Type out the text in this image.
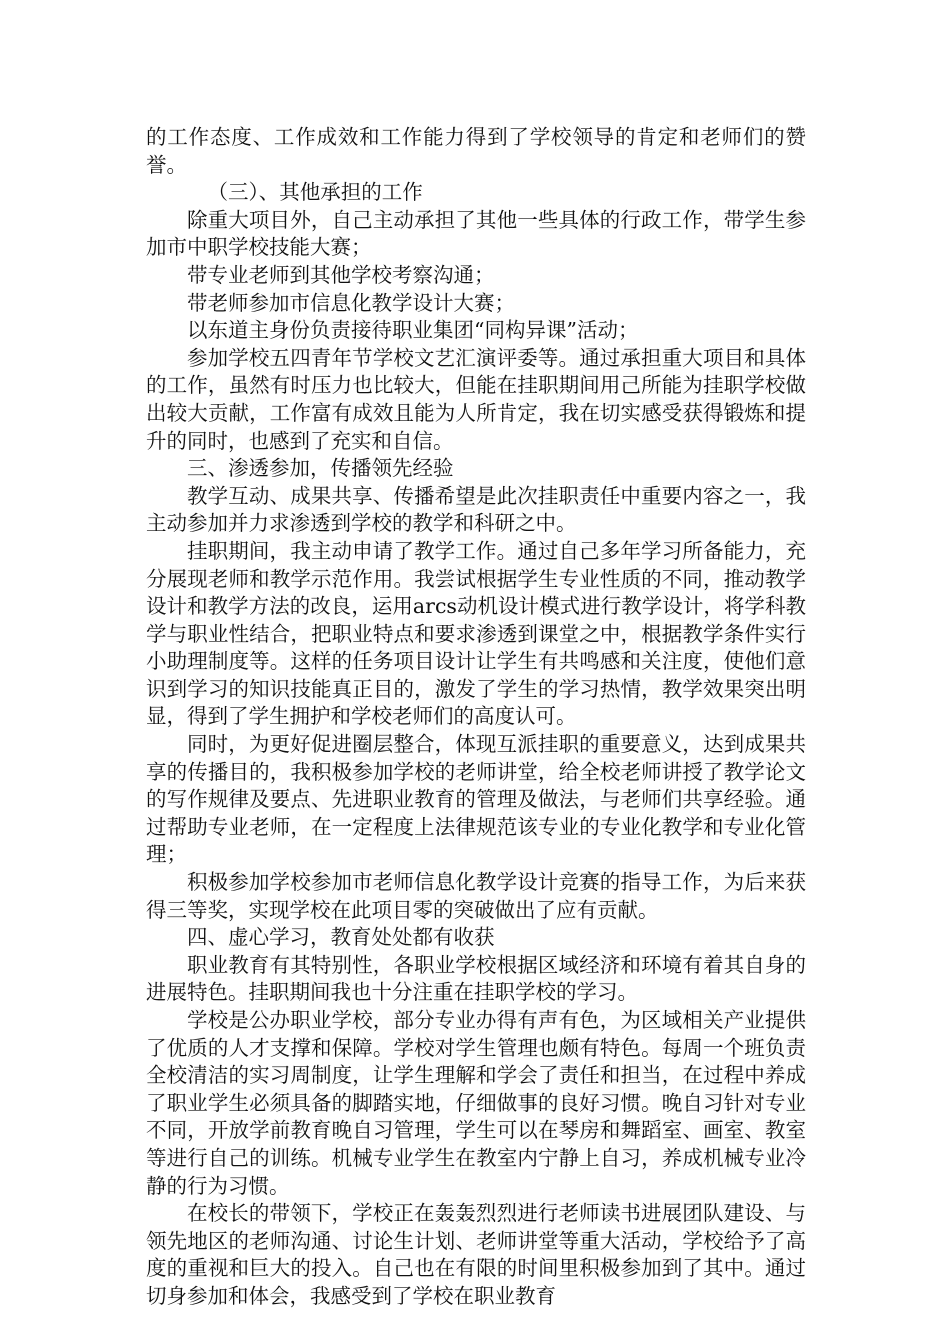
的工作态度、工作成效和工作能力得到了学校领导的肯定和老师们的赞誉。

（三）、其他承担的工作

除重大项目外，自己主动承担了其他一些具体的行政工作，带学生参加市中职学校技能大赛；

带专业老师到其他学校考察沟通；

带老师参加市信息化教学设计大赛；

以东道主身份负责接待职业集团“同构异课”活动；

参加学校五四青年节学校文艺汇演评委等。通过承担重大项目和具体的工作，虽然有时压力也比较大，但能在挂职期间用己所能为挂职学校做出较大贡献，工作富有成效且能为人所肯定，我在切实感受获得锻炼和提升的同时，也感到了充实和自信。

三、渗透参加，传播领先经验

教学互动、成果共享、传播希望是此次挂职责任中重要内容之一，我主动参加并力求渗透到学校的教学和科研之中。

挂职期间，我主动申请了教学工作。通过自己多年学习所备能力，充分展现老师和教学示范作用。我尝试根据学生专业性质的不同，推动教学设计和教学方法的改良，运用arcs动机设计模式进行教学设计，将学科教学与职业性结合，把职业特点和要求渗透到课堂之中，根据教学条件实行小助理制度等。这样的任务项目设计让学生有共鸣感和关注度，使他们意识到学习的知识技能真正目的，激发了学生的学习热情，教学效果突出明显，得到了学生拥护和学校老师们的高度认可。

同时，为更好促进圈层整合，体现互派挂职的重要意义，达到成果共享的传播目的，我积极参加学校的老师讲堂，给全校老师讲授了教学论文的写作规律及要点、先进职业教育的管理及做法，与老师们共享经验。通过帮助专业老师，在一定程度上法律规范该专业的专业化教学和专业化管理；

积极参加学校参加市老师信息化教学设计竞赛的指导工作，为后来获得三等奖，实现学校在此项目零的突破做出了应有贡献。

四、虚心学习，教育处处都有收获

职业教育有其特别性，各职业学校根据区域经济和环境有着其自身的进展特色。挂职期间我也十分注重在挂职学校的学习。

学校是公办职业学校，部分专业办得有声有色，为区域相关产业提供了优质的人才支撑和保障。学校对学生管理也颇有特色。每周一个班负责全校清洁的实习周制度，让学生理解和学会了责任和担当，在过程中养成了职业学生必须具备的脚踏实地，仔细做事的良好习惯。晚自习针对专业不同，开放学前教育晚自习管理，学生可以在琴房和舞蹈室、画室、教室等进行自己的训练。机械专业学生在教室内宁静上自习，养成机械专业冷静的行为习惯。

在校长的带领下，学校正在轰轰烈烈进行老师读书进展团队建设、与领先地区的老师沟通、讨论生计划、老师讲堂等重大活动，学校给予了高度的重视和巨大的投入。自己也在有限的时间里积极参加到了其中。通过切身参加和体会，我感受到了学校在职业教育
